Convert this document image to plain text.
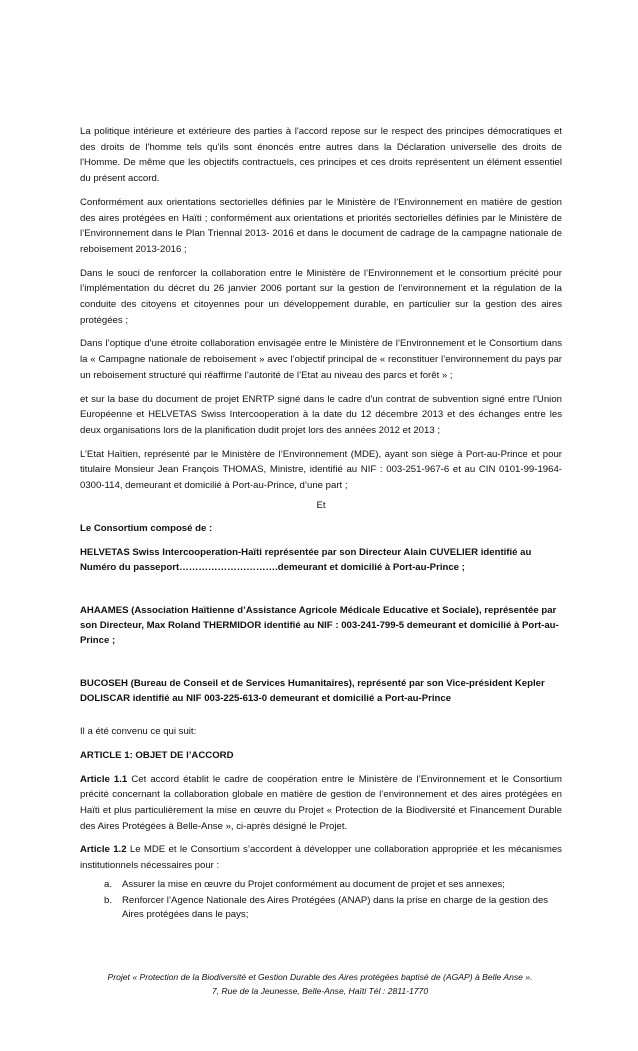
La politique intérieure et extérieure des parties à l'accord repose sur le respect des principes démocratiques et des droits de l'homme tels qu'ils sont énoncés entre autres dans la Déclaration universelle des droits de l'Homme. De même que les objectifs contractuels, ces principes et ces droits représentent un élément essentiel du présent accord.

Conformément aux orientations sectorielles définies par le Ministère de l’Environnement en matière de gestion des aires protégées en Haïti ; conformément aux orientations et priorités sectorielles définies par le Ministère de l’Environnement dans le Plan Triennal 2013- 2016 et dans le document de cadrage de la campagne nationale de reboisement 2013-2016 ;

Dans le souci de renforcer la collaboration entre le Ministère de l’Environnement et le consortium précité pour l’implémentation du décret du 26 janvier 2006 portant sur la gestion de l’environnement et la régulation de la conduite des citoyens et citoyennes pour un développement durable, en particulier sur la gestion des aires protégées ;

Dans l’optique d’une étroite collaboration envisagée entre le Ministère de l’Environnement et le Consortium dans la « Campagne nationale de reboisement » avec l’objectif principal de « reconstituer l’environnement du pays par un reboisement structuré qui réaffirme l’autorité de l’Etat au niveau des parcs et forêt » ;

et sur la base du document de projet ENRTP signé dans le cadre d'un contrat de subvention signé entre l'Union Européenne et HELVETAS Swiss Intercooperation à la date du 12 décembre 2013 et des échanges entre les deux organisations lors de la planification dudit projet lors des années 2012 et 2013 ;

L’Etat Haïtien, représenté par le Ministère de l’Environnement (MDE), ayant son siège à Port-au-Prince et pour titulaire Monsieur Jean François THOMAS, Ministre, identifié au NIF : 003-251-967-6 et au CIN 0101-99-1964-0300-114, demeurant et domicilié à Port-au-Prince, d’une part ;

Et

Le Consortium composé de :

HELVETAS Swiss Intercooperation-Haïti représentée par son Directeur Alain CUVELIER identifié au Numéro du passeport………………………….demeurant et domicilié à Port-au-Prince ;

AHAAMES (Association Haïtienne d’Assistance Agricole Médicale Educative et Sociale), représentée par son Directeur, Max Roland THERMIDOR identifié au NIF : 003-241-799-5 demeurant et domicilié à Port-au-Prince ;

BUCOSEH (Bureau de Conseil et de Services Humanitaires), représenté par son Vice-président Kepler DOLISCAR identifié au NIF 003-225-613-0 demeurant et domicilié a Port-au-Prince

Il a été convenu ce qui suit:

ARTICLE 1: OBJET DE l’ACCORD

Article 1.1 Cet accord établit le cadre de coopération entre le Ministère de l’Environnement et le Consortium précité concernant la collaboration globale en matière de gestion de l’environnement et des aires protégées en Haïti et plus particulièrement la mise en œuvre du Projet « Protection de la Biodiversité et Financement Durable des Aires Protégées à Belle-Anse », ci-après désigné le Projet.

Article 1.2 Le MDE et le Consortium s’accordent à développer une collaboration appropriée et les mécanismes institutionnels nécessaires pour :

a. Assurer la mise en œuvre du Projet conformément au document de projet et ses annexes;
b. Renforcer l’Agence Nationale des Aires Protégées (ANAP) dans la prise en charge de la gestion des Aires protégées dans le pays;
Projet « Protection de la Biodiversité et Gestion Durable des Aires protégées baptisé de (AGAP) à Belle Anse ».
7, Rue de la Jeunesse, Belle-Anse, Haïti Tél : 2811-1770
